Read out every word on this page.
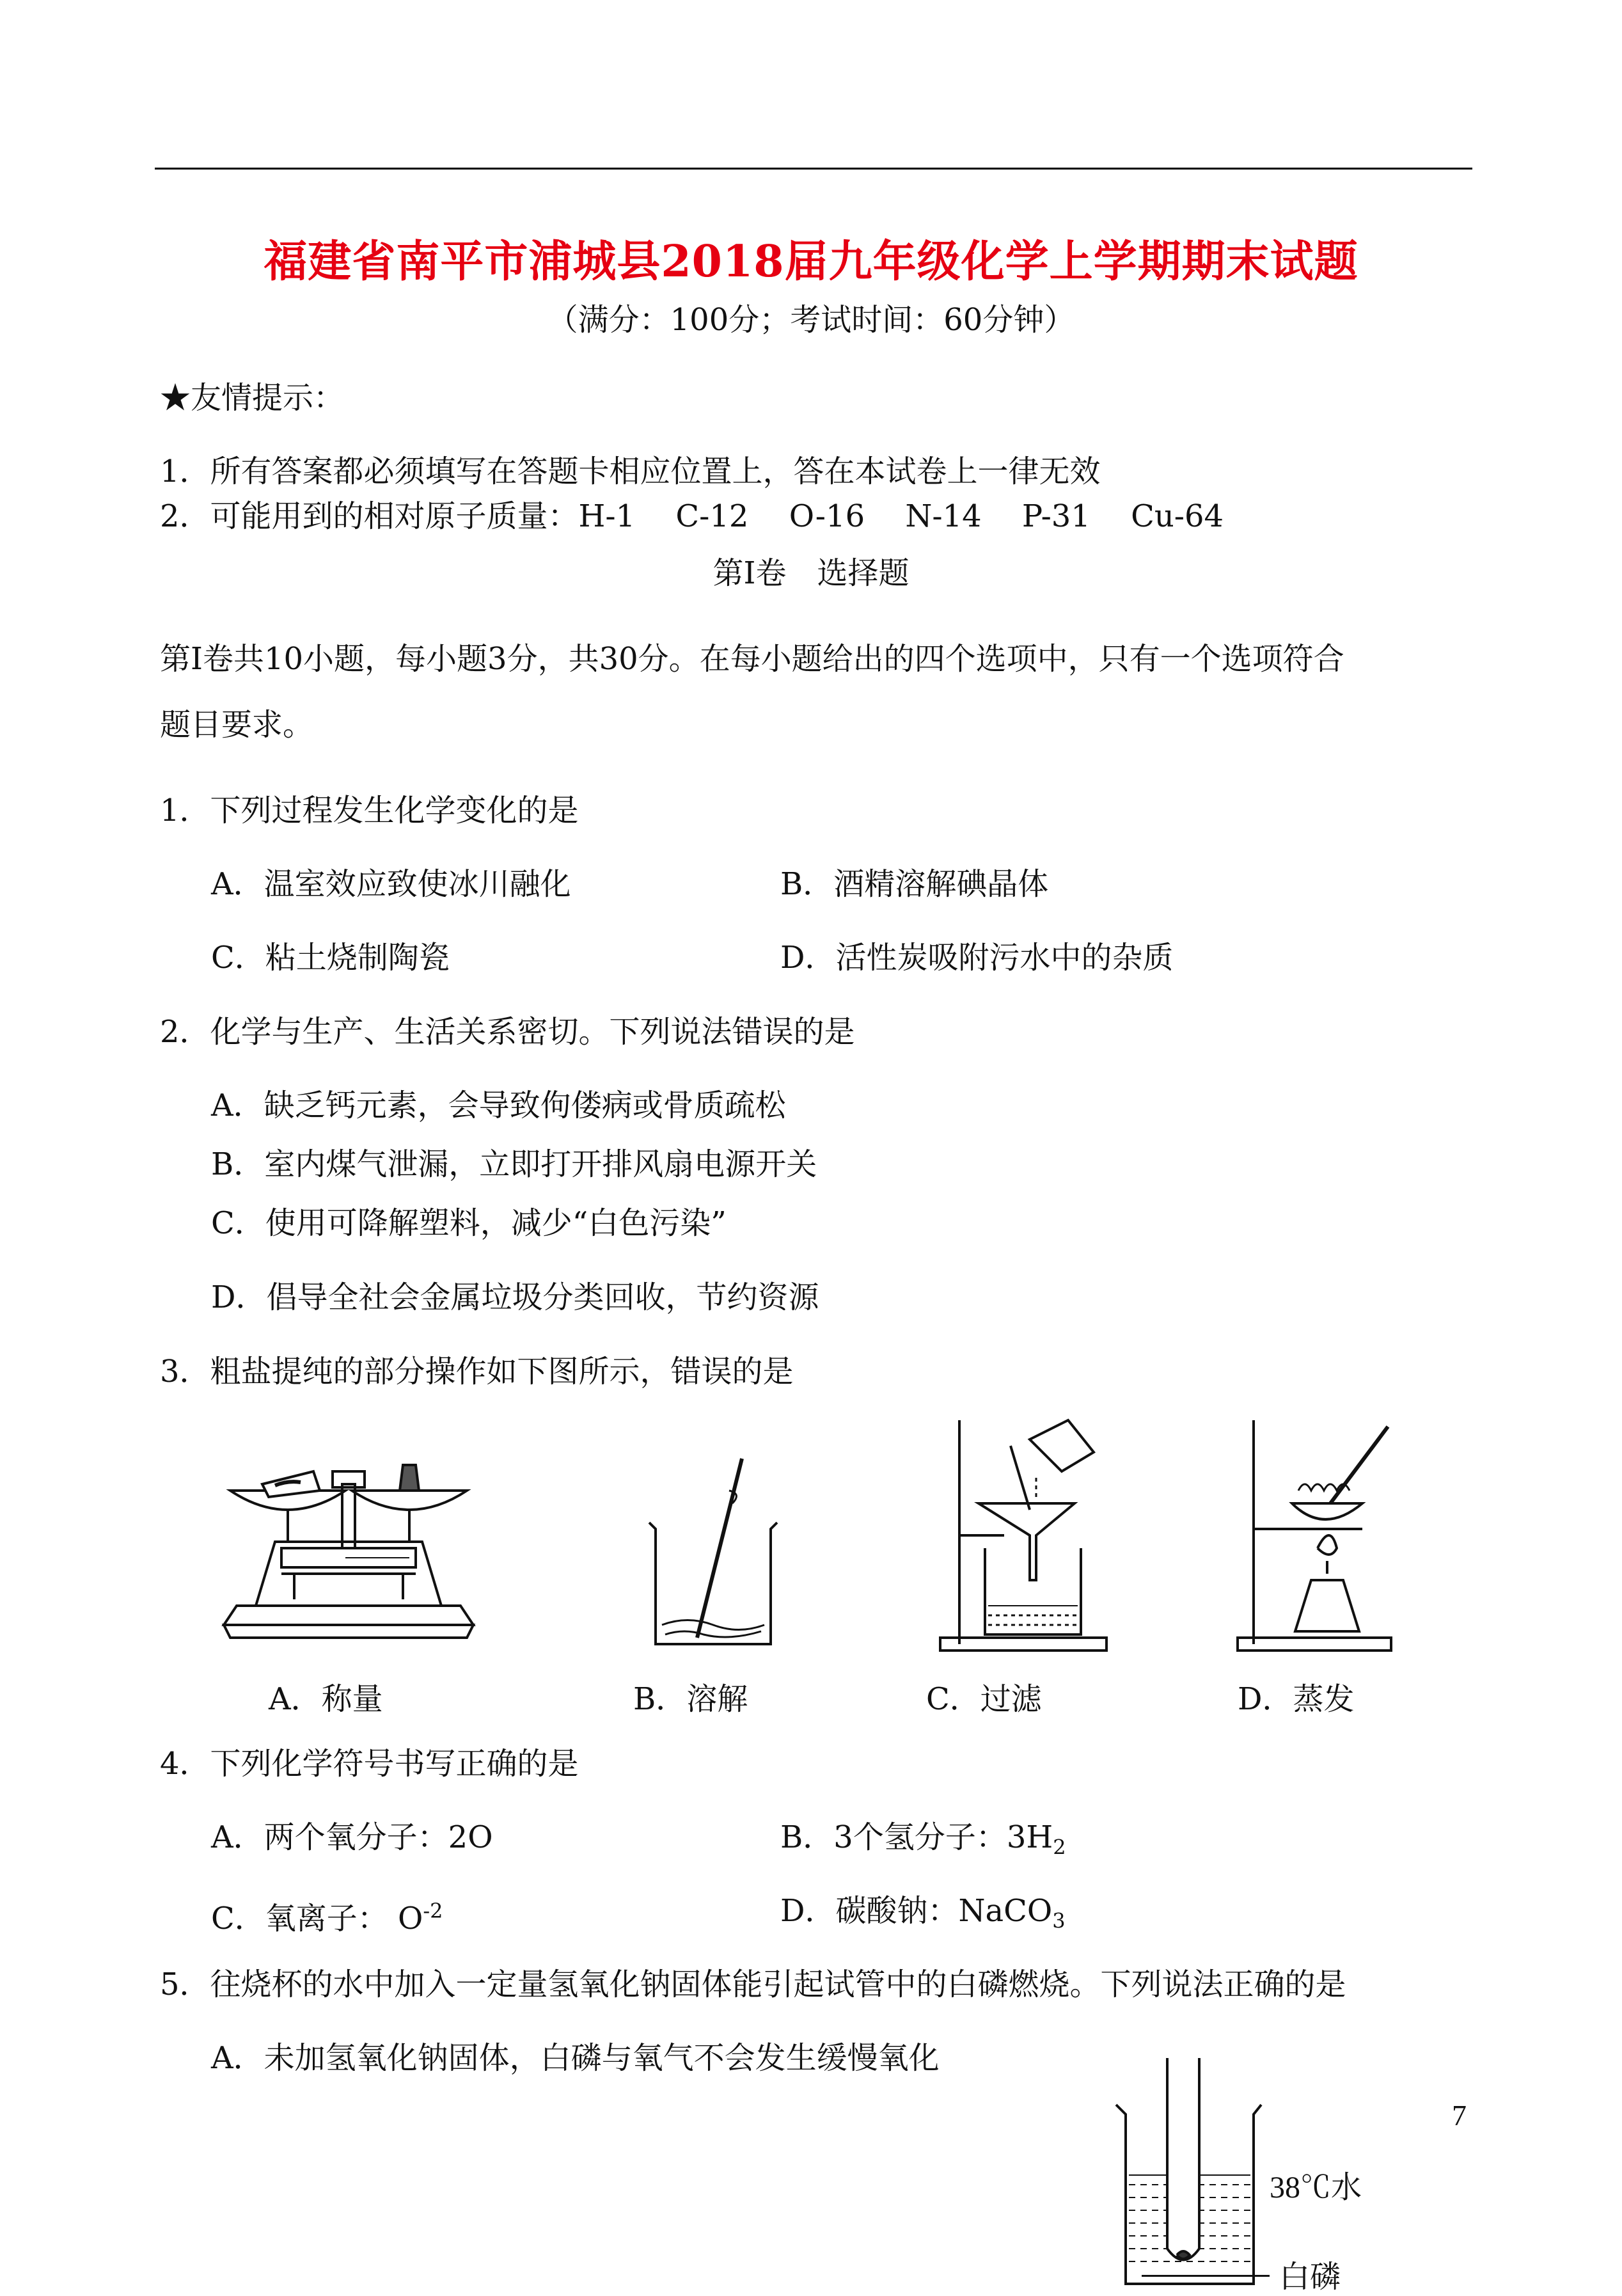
福建省南平市浦城县2018届九年级化学上学期期末试题
（满分：100分；考试时间：60分钟）
★友情提示：
1．所有答案都必须填写在答题卡相应位置上，答在本试卷上一律无效
2．可能用到的相对原子质量：H-1　 C-12　 O-16　 N-14　 P-31　 Cu-64
第Ⅰ卷　选择题
第Ⅰ卷共10小题，每小题3分，共30分。在每小题给出的四个选项中，只有一个选项符合
题目要求。
1．下列过程发生化学变化的是
A．温室效应致使冰川融化	B．酒精溶解碘晶体
C．粘土烧制陶瓷	D．活性炭吸附污水中的杂质
2．化学与生产、生活关系密切。下列说法错误的是
A．缺乏钙元素，会导致佝偻病或骨质疏松
B．室内煤气泄漏，立即打开排风扇电源开关
C．使用可降解塑料，减少“白色污染”
D．倡导全社会金属垃圾分类回收，节约资源
3．粗盐提纯的部分操作如下图所示，错误的是
A．称量	B．溶解	C．过滤	D．蒸发
4．下列化学符号书写正确的是
A．两个氧分子：2O	B．3个氢分子：$3H_2$
C．氧离子： $O^{-2}$	D．碳酸钠：NaCO$_3$
5．往烧杯的水中加入一定量氢氧化钠固体能引起试管中的白磷燃烧。下列说法正确的是
A．未加氢氧化钠固体，白磷与氧气不会发生缓慢氧化
38℃水
白磷
7
